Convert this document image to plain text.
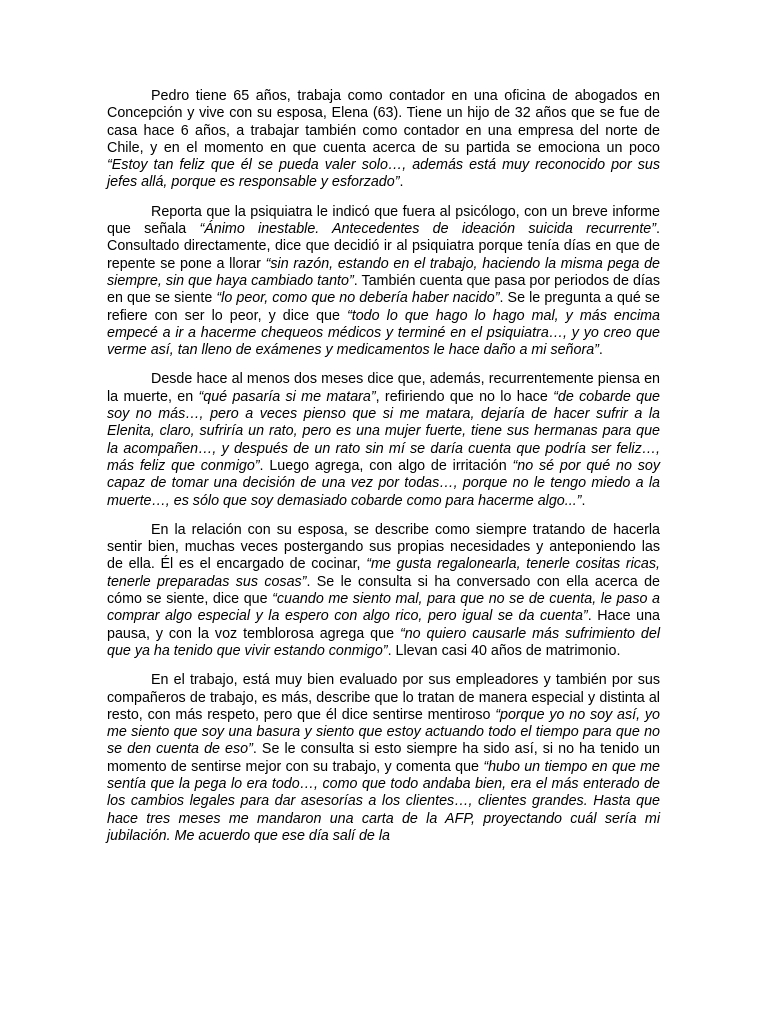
Pedro tiene 65 años, trabaja como contador en una oficina de abogados en Concepción y vive con su esposa, Elena (63). Tiene un hijo de 32 años que se fue de casa hace 6 años, a trabajar también como contador en una empresa del norte de Chile, y en el momento en que cuenta acerca de su partida se emociona un poco “Estoy tan feliz que él se pueda valer solo…, además está muy reconocido por sus jefes allá, porque es responsable y esforzado”.

Reporta que la psiquiatra le indicó que fuera al psicólogo, con un breve informe que señala “Ánimo inestable. Antecedentes de ideación suicida recurrente”. Consultado directamente, dice que decidió ir al psiquiatra porque tenía días en que de repente se pone a llorar “sin razón, estando en el trabajo, haciendo la misma pega de siempre, sin que haya cambiado tanto”. También cuenta que pasa por periodos de días en que se siente “lo peor, como que no debería haber nacido”. Se le pregunta a qué se refiere con ser lo peor, y dice que “todo lo que hago lo hago mal, y más encima empecé a ir a hacerme chequeos médicos y terminé en el psiquiatra…, y yo creo que verme así, tan lleno de exámenes y medicamentos le hace daño a mi señora”.

Desde hace al menos dos meses dice que, además, recurrentemente piensa en la muerte, en “qué pasaría si me matara”, refiriendo que no lo hace “de cobarde que soy no más…, pero a veces pienso que si me matara, dejaría de hacer sufrir a la Elenita, claro, sufriría un rato, pero es una mujer fuerte, tiene sus hermanas para que la acompañen…, y después de un rato sin mí se daría cuenta que podría ser feliz…, más feliz que conmigo”. Luego agrega, con algo de irritación “no sé por qué no soy capaz de tomar una decisión de una vez por todas…, porque no le tengo miedo a la muerte…, es sólo que soy demasiado cobarde como para hacerme algo...”.

En la relación con su esposa, se describe como siempre tratando de hacerla sentir bien, muchas veces postergando sus propias necesidades y anteponiendo las de ella. Él es el encargado de cocinar, “me gusta regalonearla, tenerle cositas ricas, tenerle preparadas sus cosas”. Se le consulta si ha conversado con ella acerca de cómo se siente, dice que “cuando me siento mal, para que no se de cuenta, le paso a comprar algo especial y la espero con algo rico, pero igual se da cuenta”. Hace una pausa, y con la voz temblorosa agrega que “no quiero causarle más sufrimiento del que ya ha tenido que vivir estando conmigo”. Llevan casi 40 años de matrimonio.

En el trabajo, está muy bien evaluado por sus empleadores y también por sus compañeros de trabajo, es más, describe que lo tratan de manera especial y distinta al resto, con más respeto, pero que él dice sentirse mentiroso “porque yo no soy así, yo me siento que soy una basura y siento que estoy actuando todo el tiempo para que no se den cuenta de eso”. Se le consulta si esto siempre ha sido así, si no ha tenido un momento de sentirse mejor con su trabajo, y comenta que “hubo un tiempo en que me sentía que la pega lo era todo…, como que todo andaba bien, era el más enterado de los cambios legales para dar asesorías a los clientes…, clientes grandes. Hasta que hace tres meses me mandaron una carta de la AFP, proyectando cuál sería mi jubilación. Me acuerdo que ese día salí de la
